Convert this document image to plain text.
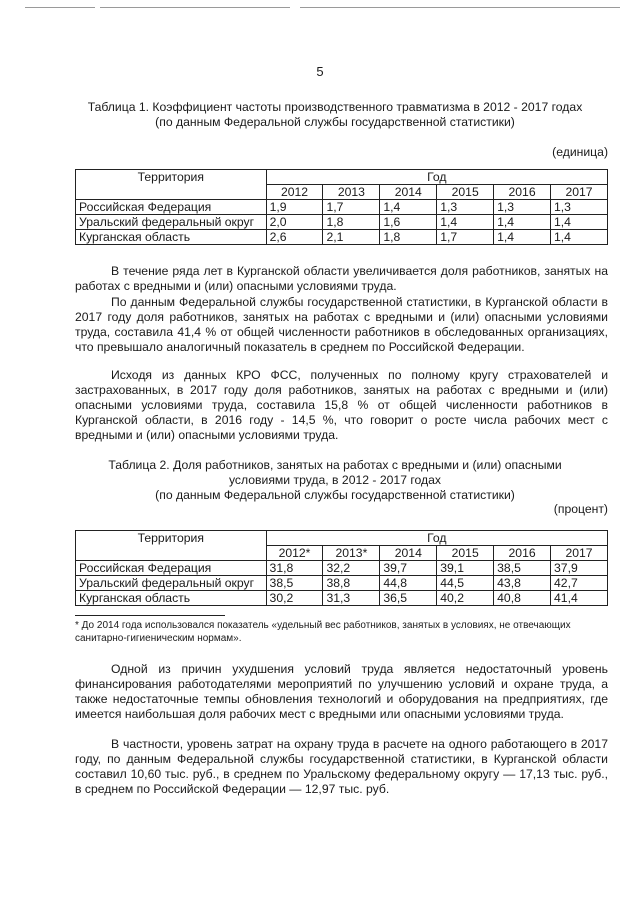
5
Таблица 1. Коэффициент частоты производственного травматизма в 2012 - 2017 годах
(по данным Федеральной службы государственной статистики)
(единица)
Территория	Год					
	2012	2013	2014	2015	2016	2017
Российская Федерация	1,9	1,7	1,4	1,3	1,3	1,3
Уральский федеральный округ	2,0	1,8	1,6	1,4	1,4	1,4
Курганская область	2,6	2,1	1,8	1,7	1,4	1,4
В течение ряда лет в Курганской области увеличивается доля работников, занятых на работах с вредными и (или) опасными условиями труда.
По данным Федеральной службы государственной статистики, в Курганской области в 2017 году доля работников, занятых на работах с вредными и (или) опасными условиями труда, составила 41,4 % от общей численности работников в обследованных организациях, что превышало аналогичный показатель в среднем по Российской Федерации.
Исходя из данных КРО ФСС, полученных по полному кругу страхователей и застрахованных, в 2017 году доля работников, занятых на работах с вредными и (или) опасными условиями труда, составила 15,8 % от общей численности работников в Курганской области, в 2016 году - 14,5 %, что говорит о росте числа рабочих мест с вредными и (или) опасными условиями труда.
Таблица 2. Доля работников, занятых на работах с вредными и (или) опасными
условиями труда, в 2012 - 2017 годах
(по данным Федеральной службы государственной статистики)
(процент)
Территория	Год					
	2012*	2013*	2014	2015	2016	2017
Российская Федерация	31,8	32,2	39,7	39,1	38,5	37,9
Уральский федеральный округ	38,5	38,8	44,8	44,5	43,8	42,7
Курганская область	30,2	31,3	36,5	40,2	40,8	41,4
* До 2014 года использовался показатель «удельный вес работников, занятых в условиях, не отвечающих санитарно-гигиеническим нормам».
Одной из причин ухудшения условий труда является недостаточный уровень финансирования работодателями мероприятий по улучшению условий и охране труда, а также недостаточные темпы обновления технологий и оборудования на предприятиях, где имеется наибольшая доля рабочих мест с вредными или опасными условиями труда.
В частности, уровень затрат на охрану труда в расчете на одного работающего в 2017 году, по данным Федеральной службы государственной статистики, в Курганской области составил 10,60 тыс. руб., в среднем по Уральскому федеральному округу — 17,13 тыс. руб., в среднем по Российской Федерации — 12,97 тыс. руб.
